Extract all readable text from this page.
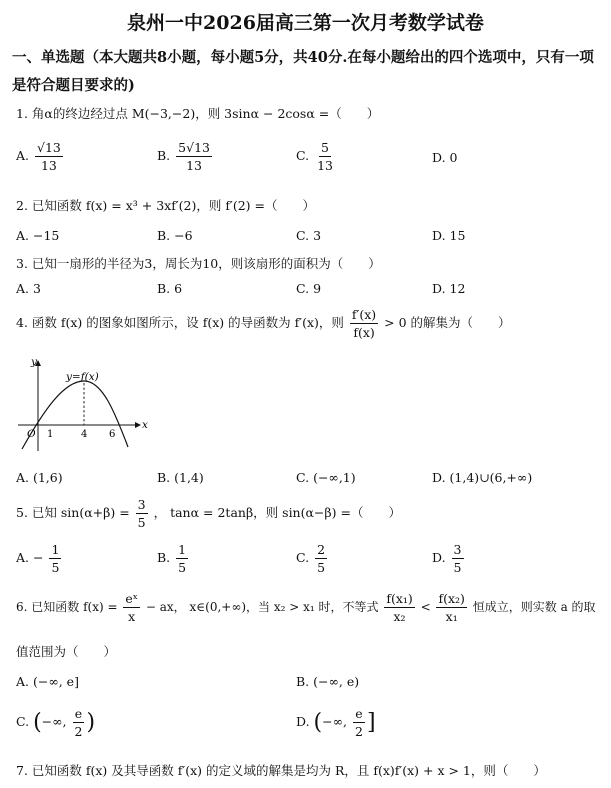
泉州一中2026届高三第一次月考数学试卷
一、单选题（本大题共8小题，每小题5分，共40分.在每小题给出的四个选项中，只有一项
是符合题目要求的)
1. 角α的终边经过点 M(−3,−2)，则 3sinα − 2cosα =（　　）
A. $\frac{√13}{13}$	B. $\frac{5√13}{13}$	C. $\frac{5}{13}$	D. 0
2. 已知函数 f(x) = x³ + 3xf′(2)，则 f′(2) =（　　）
A. −15	B. −6	C. 3	D. 15
3. 已知一扇形的半径为3，周长为10，则该扇形的面积为（　　）
A. 3	B. 6	C. 9	D. 12
4. 函数 f(x) 的图象如图所示，设 f(x) 的导函数为 f′(x)，则 $\frac{f'(x)}{f(x)} > 0$ 的解集为（　　）
y=f(x)
x
y
O 1	4 6
A. (1,6)	B. (1,4)	C. (−∞,1)	D. (1,4)∪(6,+∞)
5. 已知 $\sin(\alpha+\beta) = \frac{3}{5}$ ， tanα = 2tanβ，则 sin(α−β) =（　　）
A. − $\frac{1}{5}$	B. $\frac{1}{5}$	C. $\frac{2}{5}$	D. $\frac{3}{5}$
6. 已知函数 $f(x) = \frac{\text{eˣ}}{x}$ − ax， x∈(0,+∞)，当 x₂ > x₁ 时，不等式 $\frac{\text{f(x₁)}}{\text{x₂}} < \frac{\text{f(x₂)}}{\text{x₁}}$ 恒成立，则实数 a 的取
值范围为（　　）
A. (−∞, e]	B. (−∞, e)
C. (−∞, $\frac{e}{2}$ )	D. (−∞, $\frac{e}{2}$ ]
7. 已知函数 f(x) 及其导函数 f′(x) 的定义域的解集是均为 R，且 f(x)f′(x) + x > 1，则（　　）
